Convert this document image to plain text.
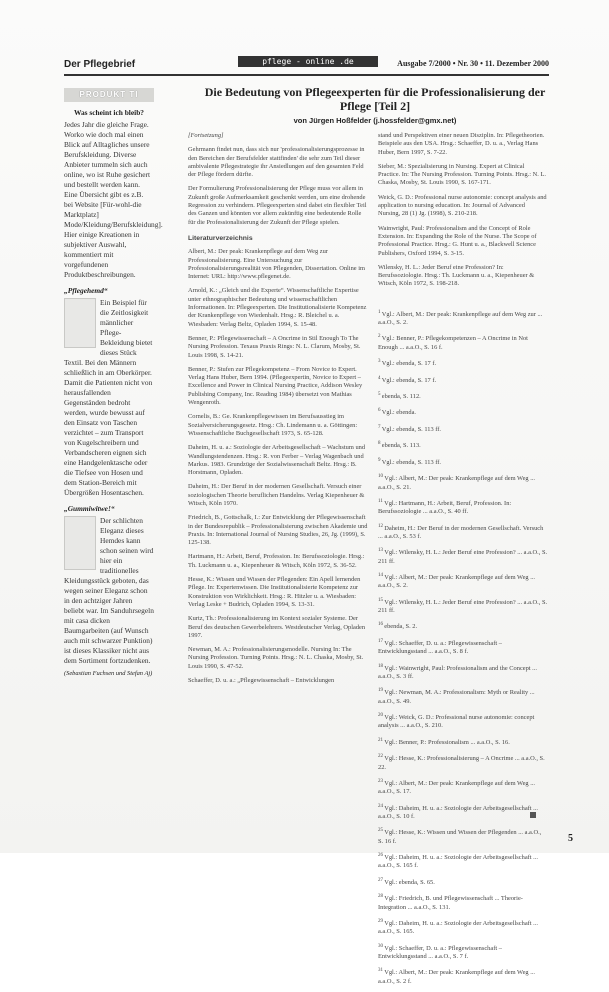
Der Pflegebrief	pflege - online .de	Ausgabe 7/2000 • Nr. 30 • 11. Dezember 2000
PRODUKT TI
Was scheint ich bleib?

Jedes Jahr die gleiche Frage. Worko wie doch mal einen Blick auf Alltagliches unsere Berufskleidung. Diverse Anbieter tummeln sich auch online, wo ist Ruhe gesichert und bestellt werden kann. Eine Übersicht gibt es z.B. bei Website [Für-wohl-die Marktplatz] Mode/Kleidung/Berufskleidung]. Hier einige Kreationen in subjektiver Auswahl, kommentiert mit vorgefundenen Produktbeschreibungen.

„Pflegehemd“

Ein Beispiel für die Zeitlosigkeit männlicher Pflege-Bekleidung bietet dieses Stück Textil. Bei den Männern schließlich in am Oberkörper. Damit die Patienten nicht von herausfallenden Gegenständen bedroht werden, wurde bewusst auf den Einsatz von Taschen verzichtet – zum Transport von Kugelschreibern und Verbandscheren eignen sich eine Handgelenktasche oder die Tiefsee von Hosen und dem Station-Bereich mit Übergrößen Hosentaschen.

„Gummiwitwe!“

Der schlichten Eleganz dieses Hemdes kann schon seinen wird hier ein traditionelles Kleidungsstück geboten, das wegen seiner Eleganz schon in den achtziger Jahren beliebt war. Im Sanduhrsegeln mit casa dicken Baumgarbeiten (auf Wunsch auch mit schwarzer Punktion) ist dieses Klassiker nicht aus dem Sortiment fortzudenken.

(Sebastian Fuchsen und Stefan Aj)
Die Bedeutung von Pflegeexperten für die Professionalisierung der Pflege [Teil 2]
von Jürgen Hoßfelder (j.hossfelder@gmx.net)

[Fortsetzung]

Gehrmann findet nun, dass sich nur 'professionalisierungsprozesse in den Bereichen der Berufsfelder stattfinden' die sehr zum Teil dieser ambivalente Pflegestrategie ihr Ansiedlungen auf den gesamten Feld der Pflege fördern dürfte.

Der Formulierung Professionalisierung der Pflege muss vor allem in Zukunft große Aufmerksamkeit geschenkt werden, um eine drohende Regression zu verhindern. Pflegeexperten sind dabei ein flexibler Teil des Ganzen und könnten vor allem zukünftig eine bedeutende Rolle für die Professionalisierung der Zukunft der Pflege spielen.

Literaturverzeichnis

Albert, M.: Der peak: Krankenpflege auf dem Weg zur Professionalisierung. Eine Untersuchung zur Professionalisierungsrealität von Pflegenden, Dissertation. Online im Internet: URL: http://www.pflegenet.de.

Arnold, K.: „Gleich und die Experte“. Wissenschaftliche Expertise unter ethnographischer Bedeutung und wissenschaftlichen Informationen. In: Pflegeexperten. Die Institutionalisierte Kompetenz der Krankenpflege von Wiedenhalt. Hrsg.: R. Bleichel u. a. Wiesbaden: Verlag Beltz, Opladen 1994, S. 15-48.

Benner, P.: Pflegewissenschaft – A Oncrime in Stil Enough To The Nursing Profession. Texaus Praxis Rings: N. L. Clarum, Mosby, St. Louis 1998, S. 14-21.

Benner, P.: Stufen zur Pflegekompetenz – From Novice to Expert. Verlag Hans Huber, Bern 1994. (Pflegeexpertin, Novice to Expert – Excellence and Power in Clinical Nursing Practice, Addison Wesley Publishing Company, Inc. Reading 1984) übersetzt von Mathias Wengenroth.

Cornelis, B.: Ge. Krankenpflegewissen im Berufsausstieg im Sozialversicherungsgesetz. Hrsg.: Ch. Lindemann u. a. Göttingen: Wissenschaftliche Buchgesellschaft 1973, S. 65-128.

Daheim, H. u. a.: Soziologie der Arbeitsgesellschaft – Wachstum und Wandlungstendenzen. Hrsg.: R. von Ferber – Verlag Wagenbach und Markus. 1983. Grundzüge der Sozialwissenschaft Beltz. Hrsg.: B. Horstmann, Opladen.

Daheim, H.: Der Beruf in der modernen Gesellschaft. Versuch einer soziologischen Theorie beruflichen Handelns. Verlag Kiepenheuer & Witsch, Köln 1970.

Friedrich, B., Gottschalk, I.: Zur Entwicklung der Pflegewissenschaft in der Bundesrepublik – Professionalisierung zwischen Akademie und Praxis. In: International Journal of Nursing Studies, 26, Jg. (1999), S. 125-138.

Hartmann, H.: Arbeit, Beruf, Profession. In: Berufssoziologie. Hrsg.: Th. Luckmann u. a., Kiepenheuer & Witsch, Köln 1972, S. 36-52.

Hesse, K.: Wissen und Wissen der Pflegenden: Ein Apell lernenden Pflege. In: Expertenwissen. Die Institutionalisierte Kompetenz zur Konstruktion von Wirklichkeit. Hrsg.: R. Hitzler u. a. Wiesbaden: Verlag Leske + Budrich, Opladen 1994, S. 13-31.

Kurtz, Th.: Professionalisierung im Kontext sozialer Systeme. Der Beruf des deutschen Gewerbelehrers. Westdeutscher Verlag, Opladen 1997.

Newman, M. A.: Professionalisierungsmodelle. Nursing In: The Nursing Profession. Turning Points. Hrsg.: N. L. Chaska, Mosby, St. Louis 1990, S. 47-52.

Schaeffer, D. u. a.: „Pflegewissenschaft – Entwicklungen

stand und Perspektiven einer neuen Disziplin. In: Pflegetheorien. Beispiele aus den USA. Hrsg.: Schaeffer, D. u. a., Verlag Hans Huber, Bern 1997, S. 7-22.

Sieber, M.: Spezialisierung in Nursing. Expert at Clinical Practice. In: The Nursing Profession. Turning Points. Hrsg.: N. L. Chaska, Mosby, St. Louis 1990, S. 167-171.

Weick, G. D.: Professional nurse autonomie: concept analysis and application to nursing education. In: Journal of Advanced Nursing, 28 (1) Jg. (1998), S. 210-218.

Wainwright, Paul: Professionalism and the Concept of Role Extension. In: Expanding the Role of the Nurse. The Scope of Professional Practice. Hrsg.: G. Hunt u. a., Blackwell Science Publishers, Oxford 1994, S. 3-15.

Wilensky, H. L.: Jeder Beruf eine Profession? In: Berufssoziologie. Hrsg.: Th. Luckmann u. a., Kiepenheuer & Witsch, Köln 1972, S. 198-218.

$^1$ Vgl.: Albert, M.: Der peak: Krankenpflege auf dem Weg zur ... a.a.O., S. 2.

$^2$ Vgl.: Benner, P.: Pflegekompetenzen – A Oncrime in Not Enough ... a.a.O., S. 16 f.

$^3$ Vgl.: ebenda, S. 17 f.

$^4$ Vgl.: ebenda, S. 17 f.

$^5$ ebenda, S. 112.

$^6$ Vgl.: ebenda.

$^7$ Vgl.: ebenda, S. 113 ff.

$^8$ ebenda, S. 113.

$^9$ Vgl.: ebenda, S. 113 ff.

$^{10}$ Vgl.: Albert, M.: Der peak: Krankenpflege auf dem Weg ... a.a.O., S. 21.

$^{11}$ Vgl.: Hartmann, H.: Arbeit, Beruf, Profession. In: Berufssoziologie ... a.a.O., S. 40 ff.

$^{12}$ Daheim, H.: Der Beruf in der modernen Gesellschaft. Versuch ... a.a.O., S. 53 f.

$^{13}$ Vgl.: Wilensky, H. L.: Jeder Beruf eine Profession? ... a.a.O., S. 211 ff.

$^{14}$ Vgl.: Albert, M.: Der peak: Krankenpflege auf dem Weg ... a.a.O., S. 2.

$^{15}$ Vgl.: Wilensky, H. L.: Jeder Beruf eine Profession? ... a.a.O., S. 211 ff.

$^{16}$ ebenda, S. 2.

$^{17}$ Vgl.: Schaeffer, D. u. a.: Pflegewissenschaft – Entwicklungsstand ... a.a.O., S. 8 f.

$^{18}$ Vgl.: Wainwright, Paul: Professionalism and the Concept ... a.a.O., S. 3 ff.

$^{19}$ Vgl.: Newman, M. A.: Professionalism: Myth or Reality ... a.a.O., S. 49.

$^{20}$ Vgl.: Weick, G. D.: Professional nurse autonomie: concept analysis ... a.a.O., S. 210.

$^{21}$ Vgl.: Benner, P.: Professionalism ... a.a.O., S. 16.

$^{22}$ Vgl.: Hesse, K.: Professionalisierung – A Oncrime ... a.a.O., S. 22.

$^{23}$ Vgl.: Albert, M.: Der peak: Krankenpflege auf dem Weg ... a.a.O., S. 17.

$^{24}$ Vgl.: Daheim, H. u. a.: Soziologie der Arbeitsgesellschaft ... a.a.O., S. 10 f.

$^{25}$ Vgl.: Hesse, K.: Wissen und Wissen der Pflegenden ... a.a.O., S. 16 f.

$^{26}$ Vgl.: Daheim, H. u. a.: Soziologie der Arbeitsgesellschaft ... a.a.O., S. 165 f.

$^{27}$ Vgl.: ebenda, S. 65.

$^{28}$ Vgl.: Friedrich, B. und Pflegewissenschaft ... Theorie-Integration ... a.a.O., S. 131.

$^{29}$ Vgl.: Daheim, H. u. a.: Soziologie der Arbeitsgesellschaft ... a.a.O., S. 165.

$^{30}$ Vgl.: Schaeffer, D. u. a.: Pflegewissenschaft – Entwicklungsstand ... a.a.O., S. 7 f.

$^{31}$ Vgl.: Albert, M.: Der peak: Krankenpflege auf dem Weg ... a.a.O., S. 2 f.

5
